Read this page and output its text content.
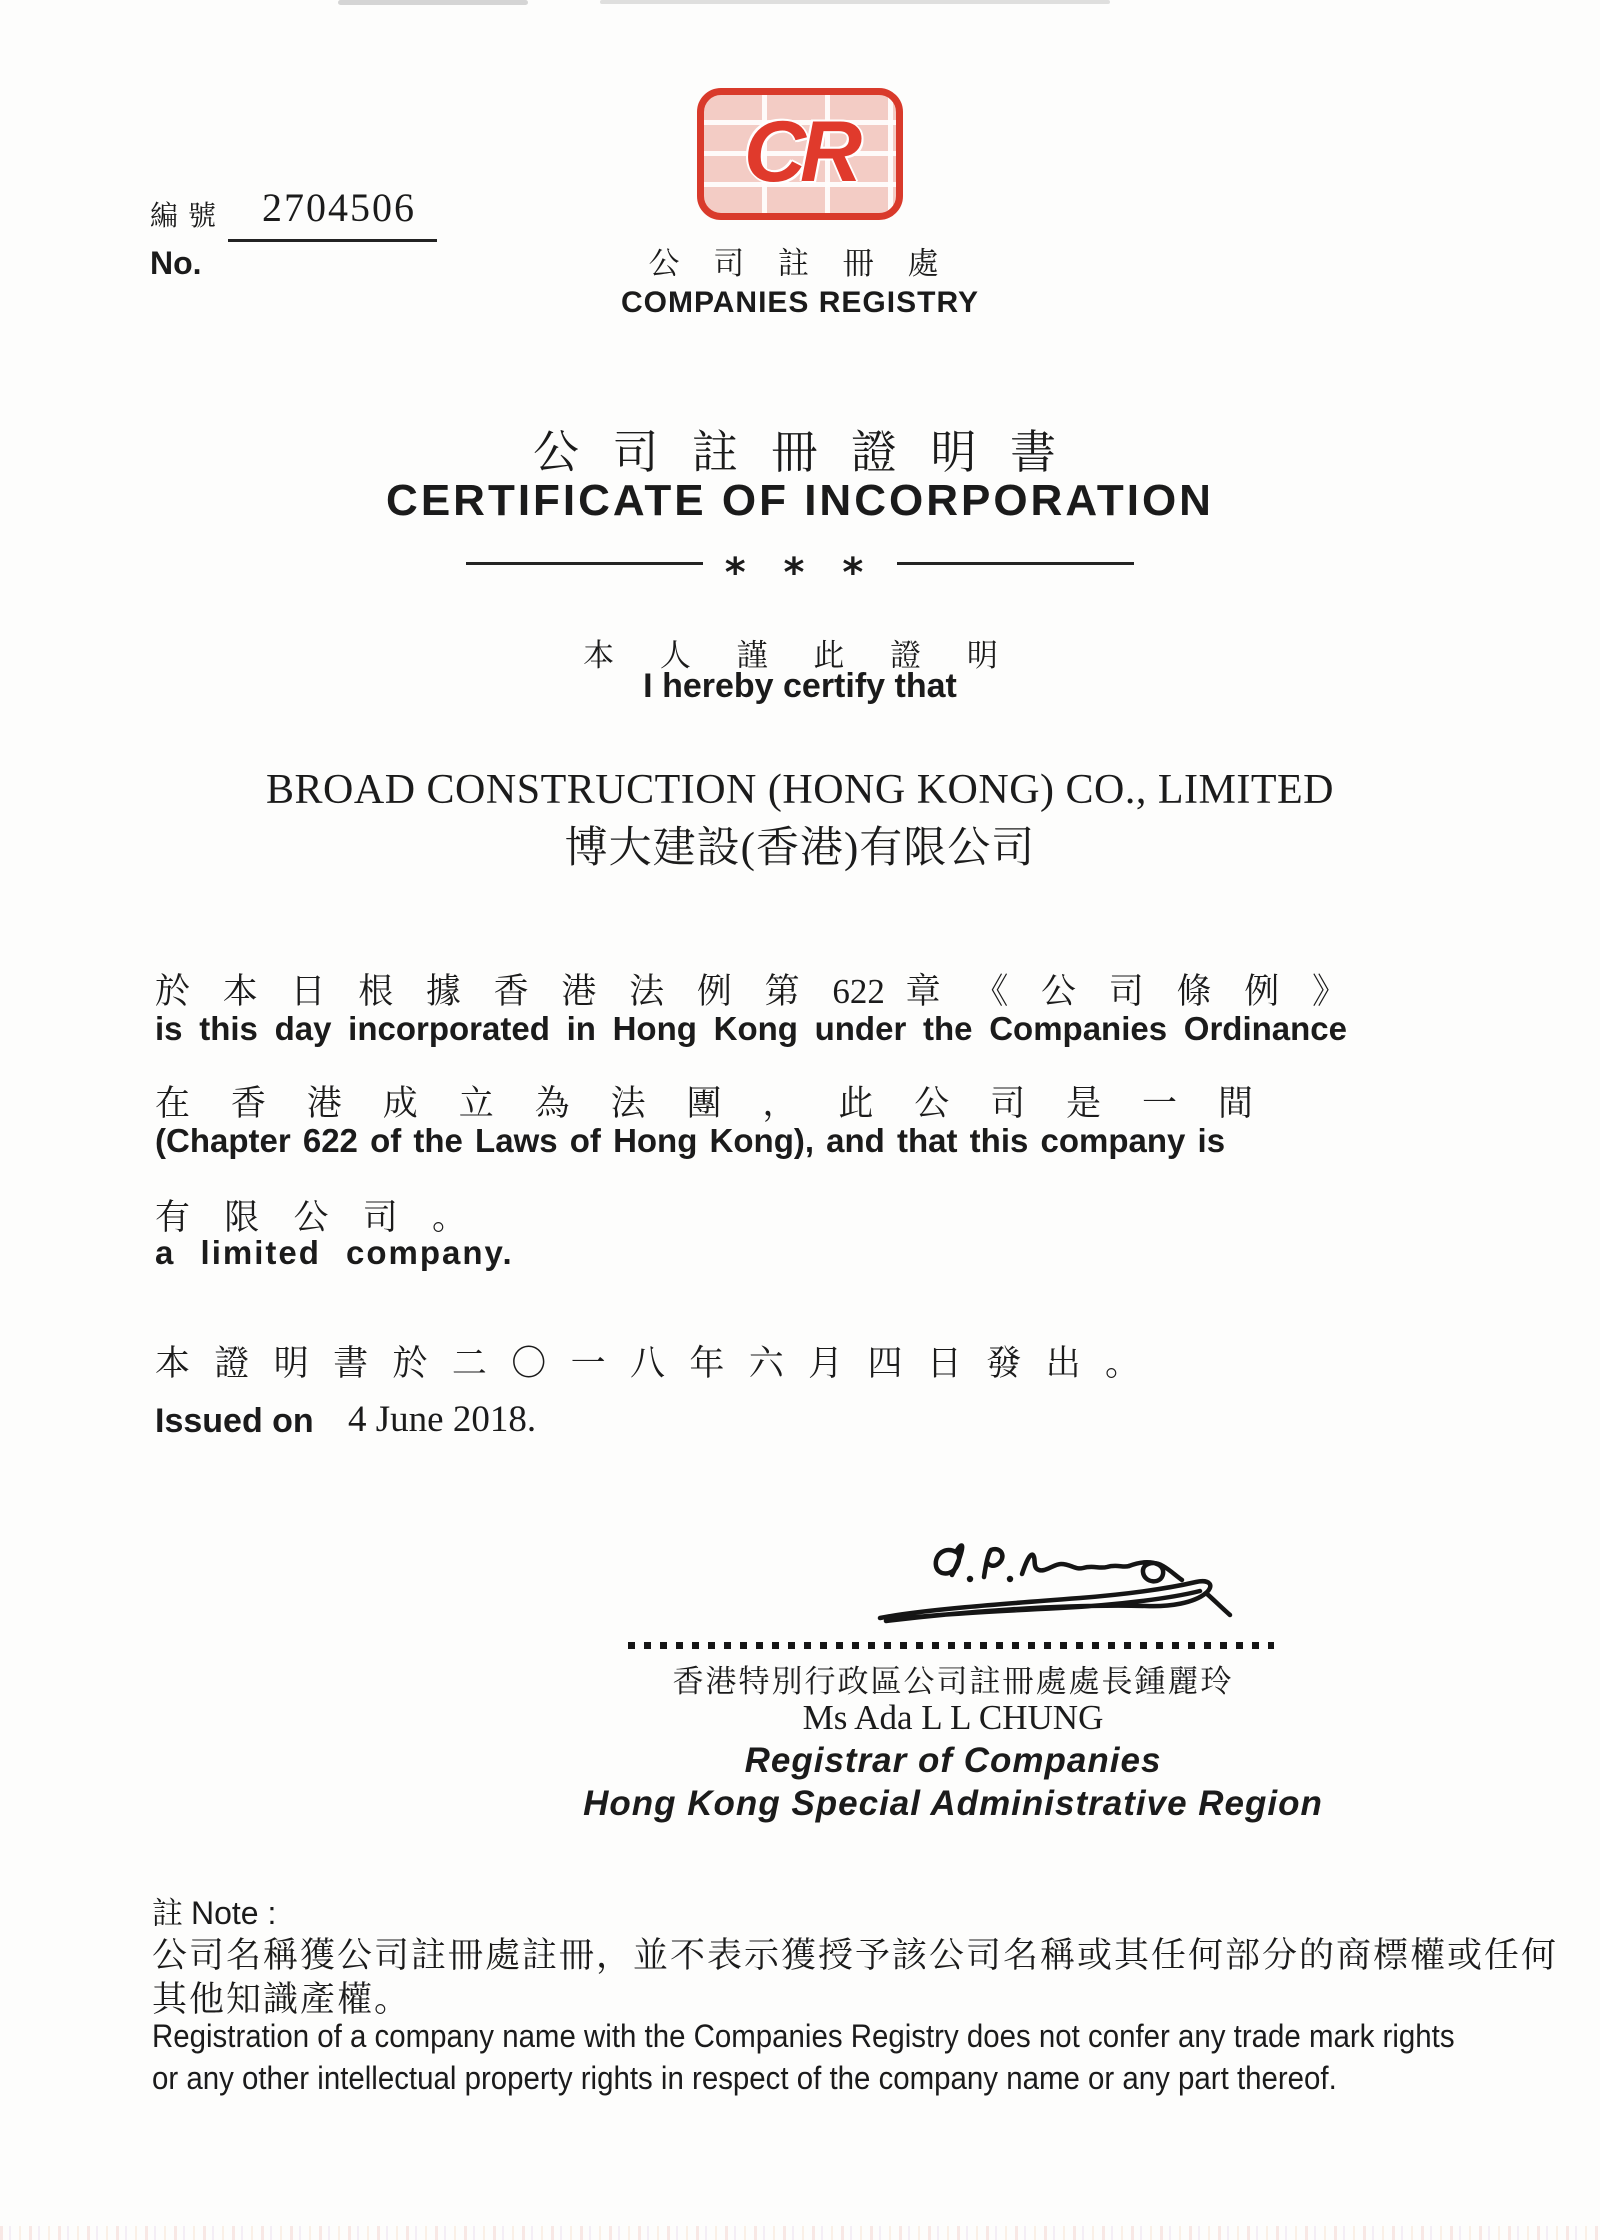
編號 2704506
No.
CR
公 司 註 冊 處
COMPANIES REGISTRY
公 司 註 冊 證 明 書
CERTIFICATE OF INCORPORATION
* * *
本 人 謹 此 證 明
I hereby certify that
BROAD CONSTRUCTION (HONG KONG) CO., LIMITED
博大建設(香港)有限公司
於 本 日 根 據 香 港 法 例 第 622 章 《 公 司 條 例 》
is this day incorporated in Hong Kong under the Companies Ordinance
在 香 港 成 立 為 法 團 ， 此 公 司 是 一 間
(Chapter 622 of the Laws of Hong Kong), and that this company is
有 限 公 司 。
a limited company.
本 證 明 書 於 二 〇 一 八 年 六 月 四 日 發 出 。
Issued on 4 June 2018.
香港特別行政區公司註冊處處長鍾麗玲
Ms Ada L L CHUNG
Registrar of Companies
Hong Kong Special Administrative Region
註 Note :
公司名稱獲公司註冊處註冊，並不表示獲授予該公司名稱或其任何部分的商標權或任何
其他知識產權。
Registration of a company name with the Companies Registry does not confer any trade mark rights
or any other intellectual property rights in respect of the company name or any part thereof.
